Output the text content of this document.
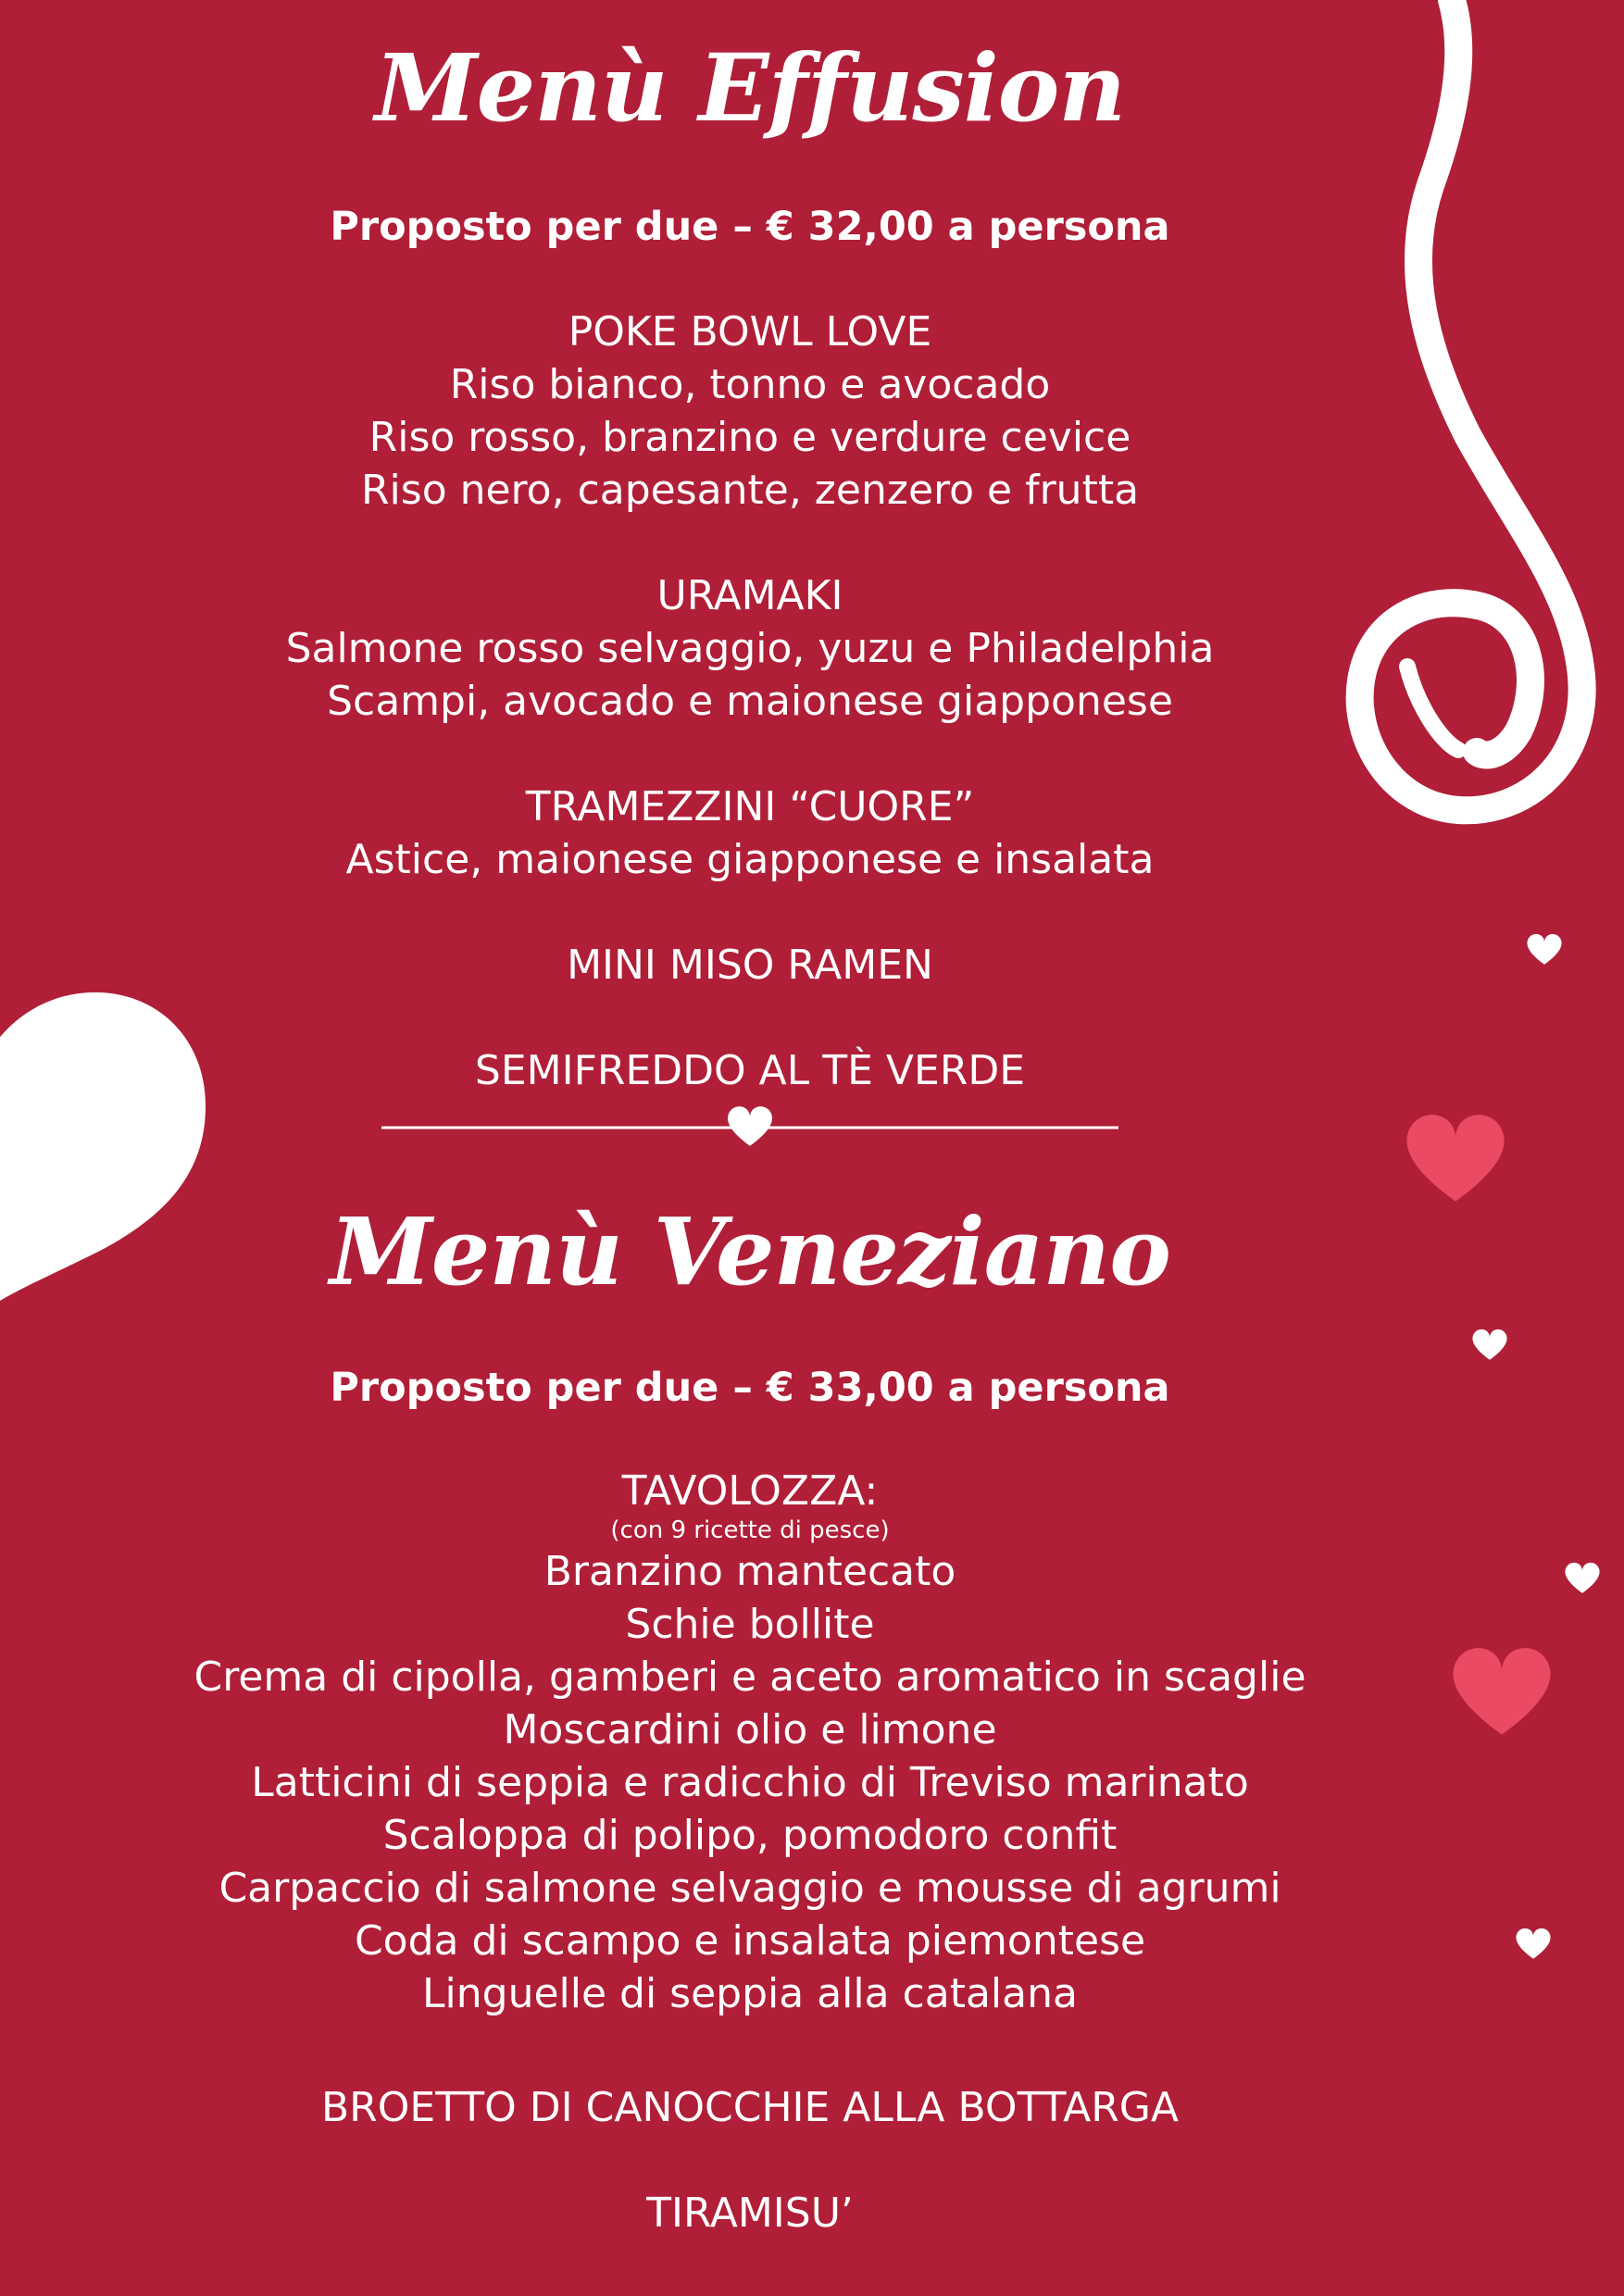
Menù Effusion
Proposto per due – € 32,00 a persona
POKE BOWL LOVE
Riso bianco, tonno e avocado
Riso rosso, branzino e verdure cevice
Riso nero, capesante, zenzero e frutta
URAMAKI
Salmone rosso selvaggio, yuzu e Philadelphia
Scampi, avocado e maionese giapponese
TRAMEZZINI “CUORE”
Astice, maionese giapponese e insalata
MINI MISO RAMEN
SEMIFREDDO AL TÈ VERDE
Menù Veneziano
Proposto per due – € 33,00 a persona
TAVOLOZZA:
(con 9 ricette di pesce)
Branzino mantecato
Schie bollite
Crema di cipolla, gamberi e aceto aromatico in scaglie
Moscardini olio e limone
Latticini di seppia e radicchio di Treviso marinato
Scaloppa di polipo, pomodoro confit
Carpaccio di salmone selvaggio e mousse di agrumi
Coda di scampo e insalata piemontese
Linguelle di seppia alla catalana
BROETTO DI CANOCCHIE ALLA BOTTARGA
TIRAMISU’
